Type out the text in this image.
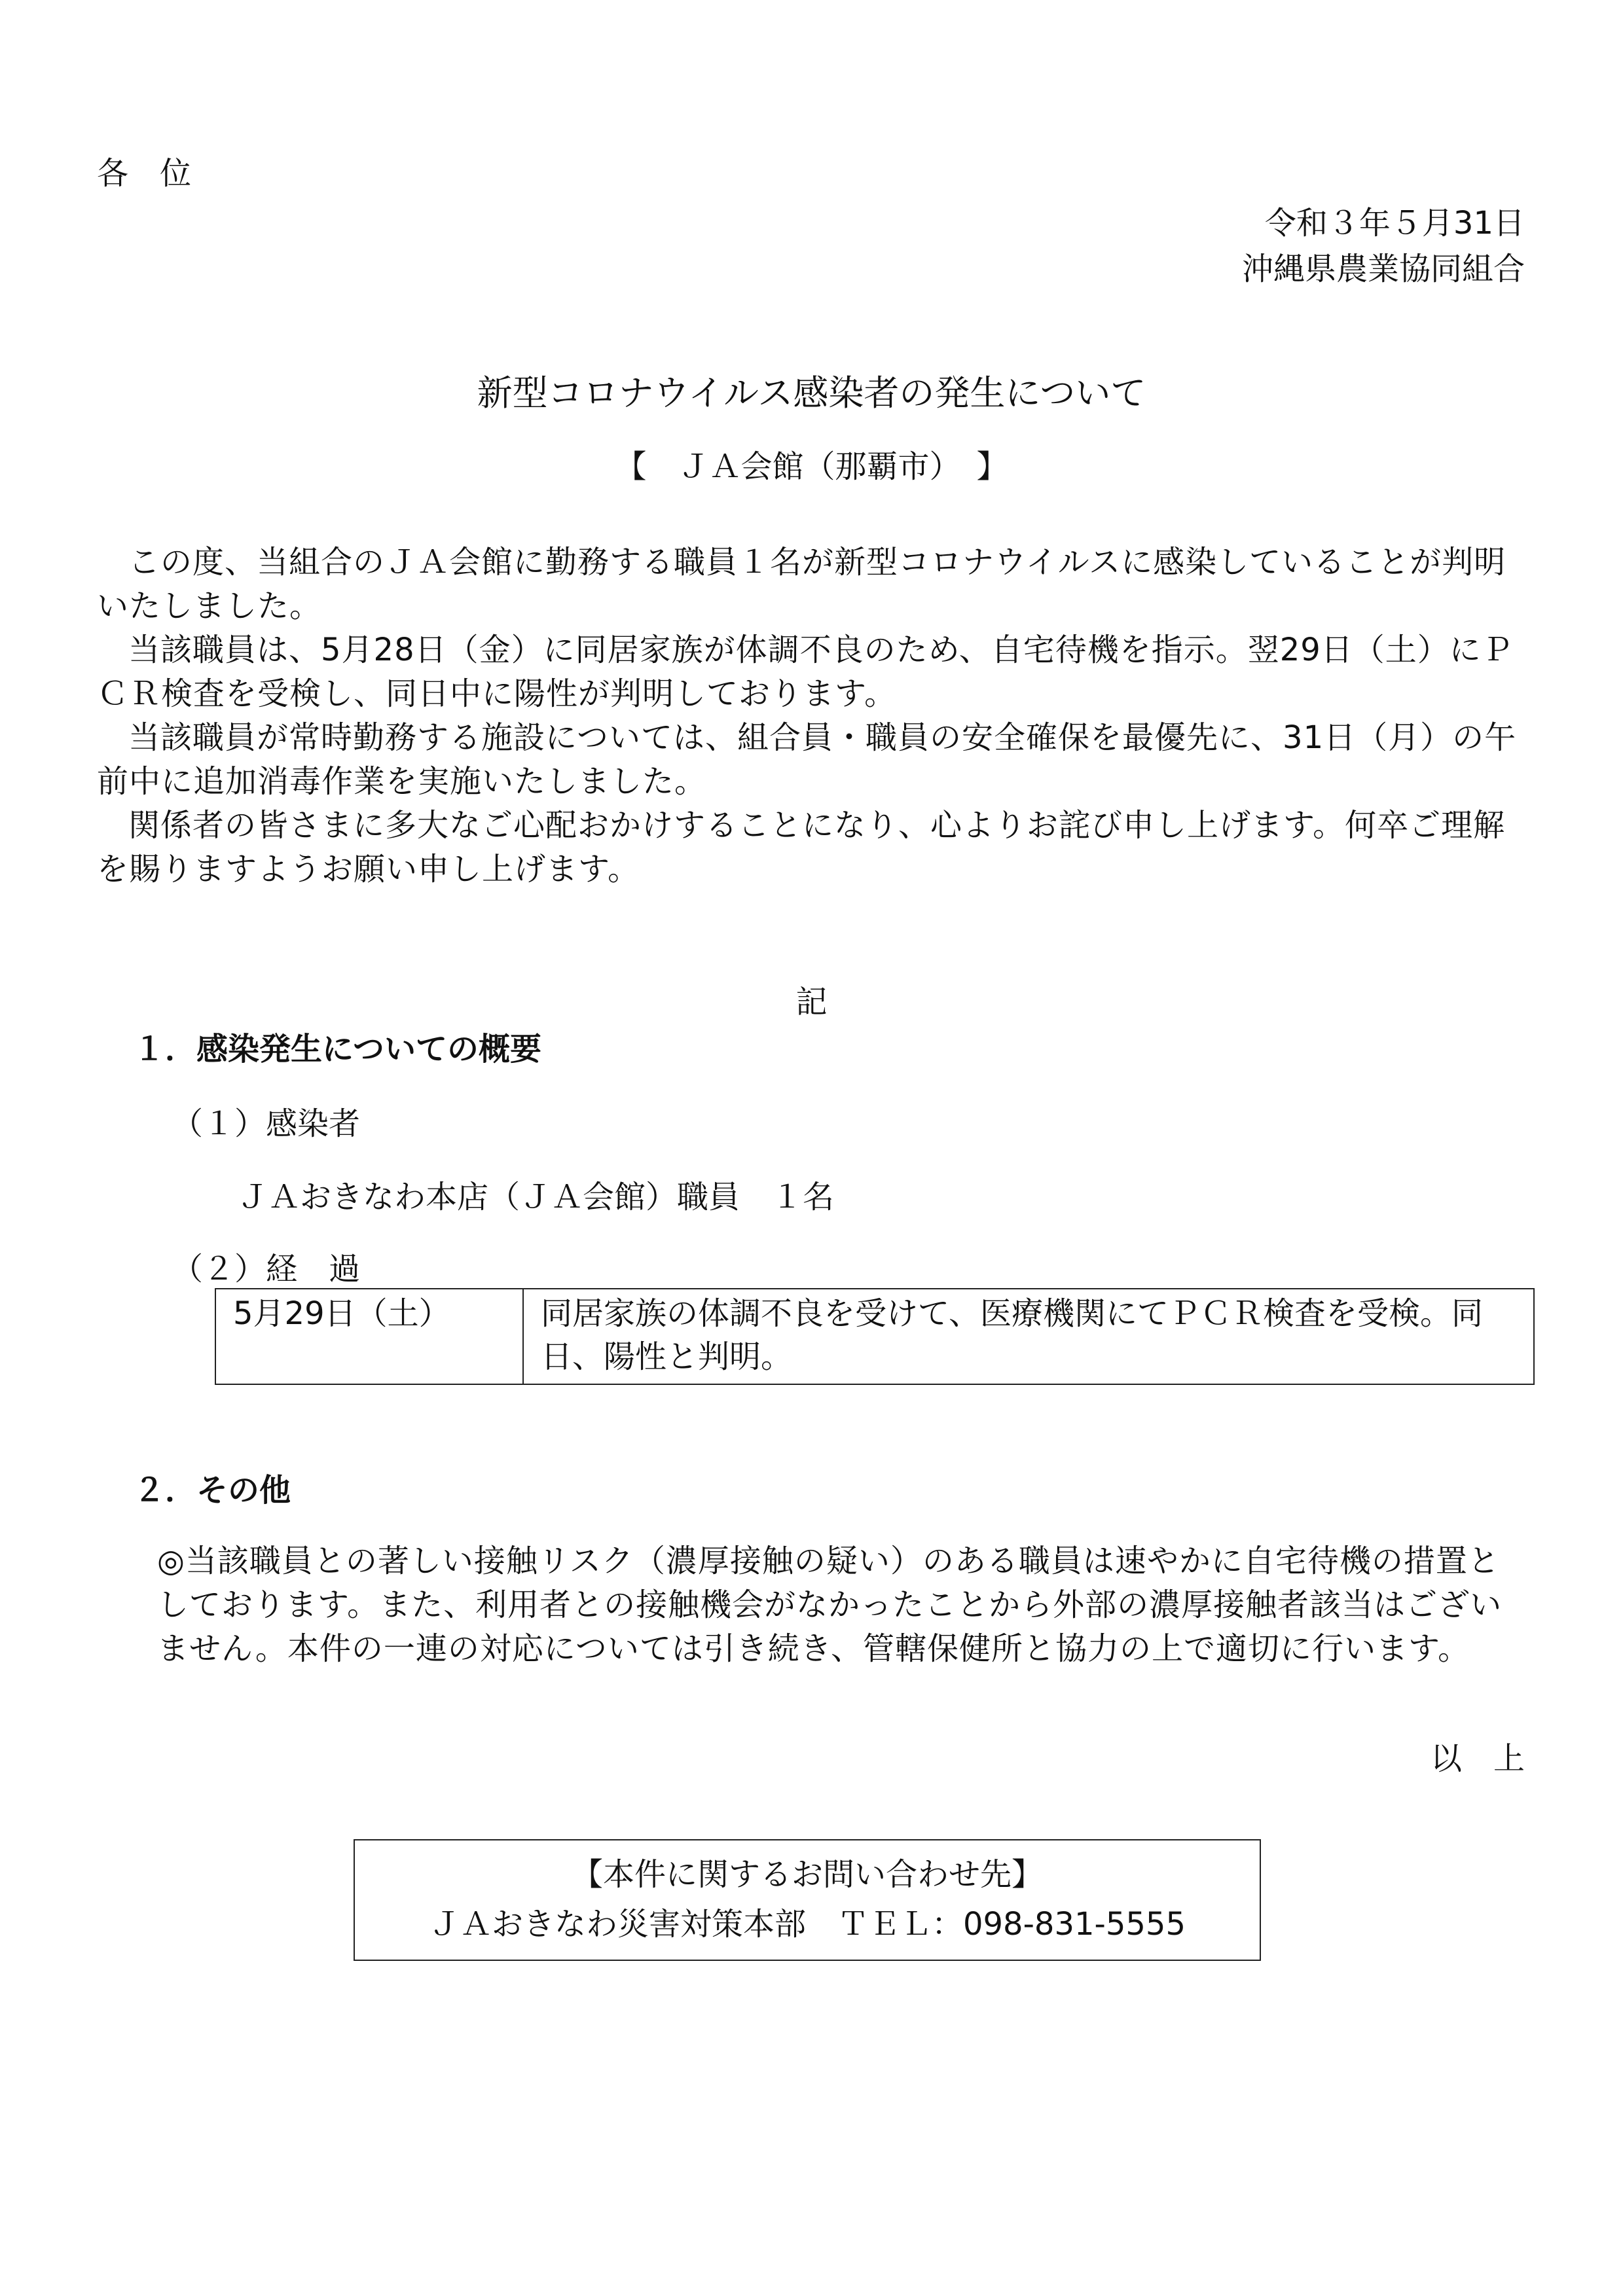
各　位

令和３年５月31日

沖縄県農業協同組合

新型コロナウイルス感染者の発生について

【　ＪＡ会館（那覇市）　】

この度、当組合のＪＡ会館に勤務する職員１名が新型コロナウイルスに感染していることが判明いたしました。

当該職員は、5月28日（金）に同居家族が体調不良のため、自宅待機を指示。翌29日（土）にＰＣＲ検査を受検し、同日中に陽性が判明しております。

当該職員が常時勤務する施設については、組合員・職員の安全確保を最優先に、31日（月）の午前中に追加消毒作業を実施いたしました。

関係者の皆さまに多大なご心配おかけすることになり、心よりお詫び申し上げます。何卒ご理解を賜りますようお願い申し上げます。

記

１．感染発生についての概要

（１）感染者

ＪＡおきなわ本店（ＪＡ会館）職員　１名

（２）経　過

5月29日（土）	同居家族の体調不良を受けて、医療機関にてＰＣＲ検査を受検。同日、陽性と判明。

２．その他

◎当該職員との著しい接触リスク（濃厚接触の疑い）のある職員は速やかに自宅待機の措置としております。また、利用者との接触機会がなかったことから外部の濃厚接触者該当はございません。本件の一連の対応については引き続き、管轄保健所と協力の上で適切に行います。

以　上

【本件に関するお問い合わせ先】
ＪＡおきなわ災害対策本部　ＴＥＬ：098-831-5555
